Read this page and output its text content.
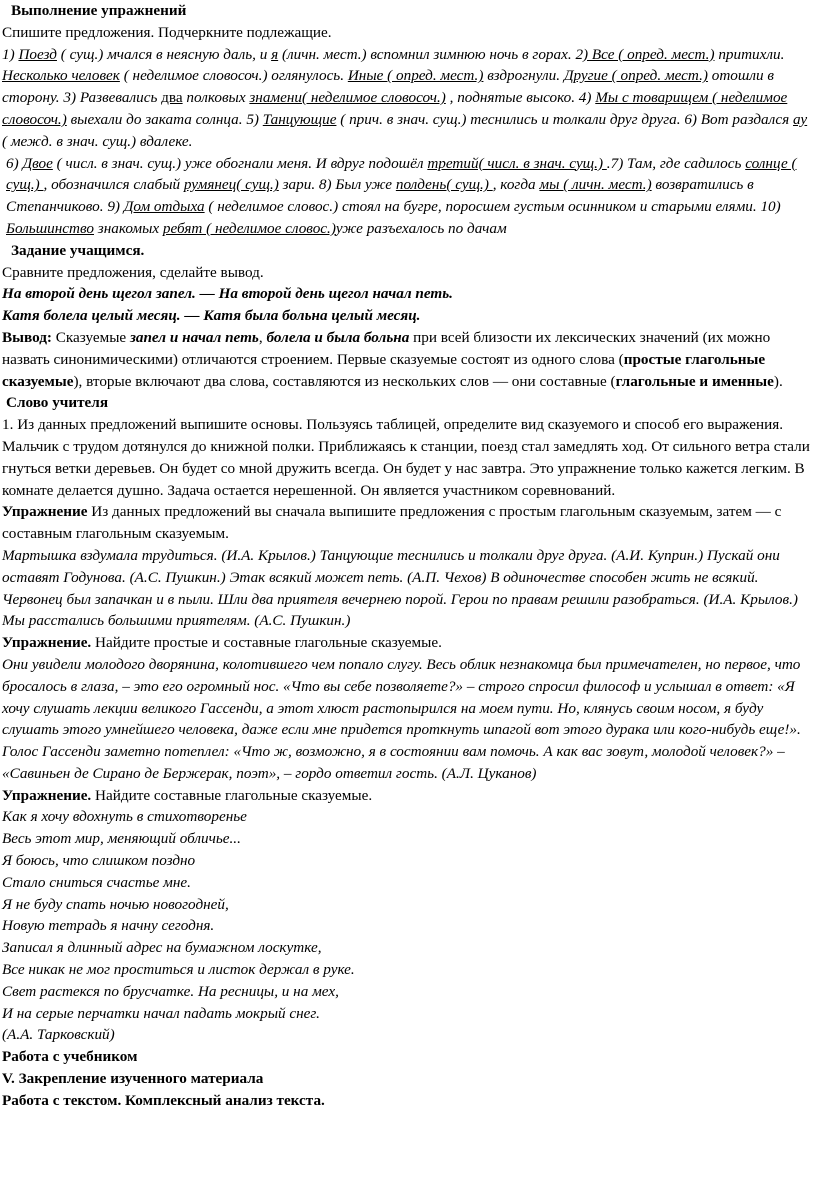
Выполнение упражнений

Спишите предложения. Подчеркните подлежащие.

1) Поезд ( сущ.) мчался в неясную даль, и я (личн. мест.) вспомнил зимнюю ночь в горах. 2) Все ( опред. мест.) притихли. Несколько человек ( неделимое словосоч.) оглянулось. Иные ( опред. мест.) вздрогнули. Другие ( опред. мест.) отошли в сторону. 3) Развевались два полковых знамени( неделимое словосоч.) , поднятые высоко. 4) Мы с товарищем ( неделимое словосоч.) выехали до заката солнца. 5) Танцующие ( прич. в знач. сущ.) теснились и толкали друг друга. 6) Вот раздался ау ( межд. в знач. сущ.) вдалеке.

6) Двое ( числ. в знач. сущ.) уже обогнали меня. И вдруг подошёл третий( числ. в знач. сущ.) .7) Там, где садилось солнце ( сущ.) , обозначился слабый румянец( сущ.) зари. 8) Был уже полдень( сущ.) , когда мы ( личн. мест.) возвратились в Степанчиково. 9) Дом отдыха ( неделимое словос.) стоял на бугре, поросшем густым осинником и старыми елями. 10) Большинство знакомых ребят ( неделимое словос.)уже разъехалось по дачам

Задание учащимся.

Сравните предложения, сделайте вывод.

На второй день щегол запел. — На второй день щегол начал петь.

Катя болела целый месяц. — Катя была больна целый месяц.

Вывод: Сказуемые запел и начал петь, болела и была больна при всей близости их лексических значений (их можно назвать синонимическими) отличаются строением. Первые сказуемые состоят из одного слова (простые глагольные сказуемые), вторые включают два слова, составляются из нескольких слов — они составные (глагольные и именные).

Слово учителя

1. Из данных предложений выпишите основы. Пользуясь таблицей, определите вид сказуемого и способ его выражения.

Мальчик с трудом дотянулся до книжной полки. Приближаясь к станции, поезд стал замедлять ход. От сильного ветра стали гнуться ветки деревьев. Он будет со мной дружить всегда. Он будет у нас завтра. Это упражнение только кажется легким. В комнате делается душно. Задача остается нерешенной. Он является участником соревнований.

Упражнение Из данных предложений вы сначала выпишите предложения с простым глагольным сказуемым, затем — с составным глагольным сказуемым.

Мартышка вздумала трудиться. (И.А. Крылов.) Танцующие теснились и толкали друг друга. (А.И. Куприн.) Пускай они оставят Годунова. (А.С. Пушкин.) Этак всякий может петь. (А.П. Чехов) В одиночестве способен жить не всякий. Червонец был запачкан и в пыли. Шли два приятеля вечернею порой. Герои по правам решили разобраться. (И.А. Крылов.) Мы расстались большими приятелям. (А.С. Пушкин.)

Упражнение. Найдите простые и составные глагольные сказуемые.

Они увидели молодого дворянина, колотившего чем попало слугу. Весь облик незнакомца был примечателен, но первое, что бросалось в глаза, – это его огромный нос. «Что вы себе позволяете?» – строго спросил философ и услышал в ответ: «Я хочу слушать лекции великого Гассенди, а этот хлюст растопырился на моем пути. Но, клянусь своим носом, я буду слушать этого умнейшего человека, даже если мне придется проткнуть шпагой вот этого дурака или кого-нибудь еще!». Голос Гассенди заметно потеплел: «Что ж, возможно, я в состоянии вам помочь. А как вас зовут, молодой человек?» – «Савиньен де Сирано де Бержерак, поэт», – гордо ответил гость. (А.Л. Цуканов)

Упражнение. Найдите составные глагольные сказуемые.

Как я хочу вдохнуть в стихотворенье

Весь этот мир, меняющий обличье...

Я боюсь, что слишком поздно

Стало сниться счастье мне.

Я не буду спать ночью новогодней,

Новую тетрадь я начну сегодня.

Записал я длинный адрес на бумажном лоскутке,

Все никак не мог проститься и листок держал в руке.

Свет растекся по брусчатке. На ресницы, и на мех,

И на серые перчатки начал падать мокрый снег.

(А.А. Тарковский)

Работа с учебником

V. Закрепление изученного материала

Работа с текстом. Комплексный анализ текста.
